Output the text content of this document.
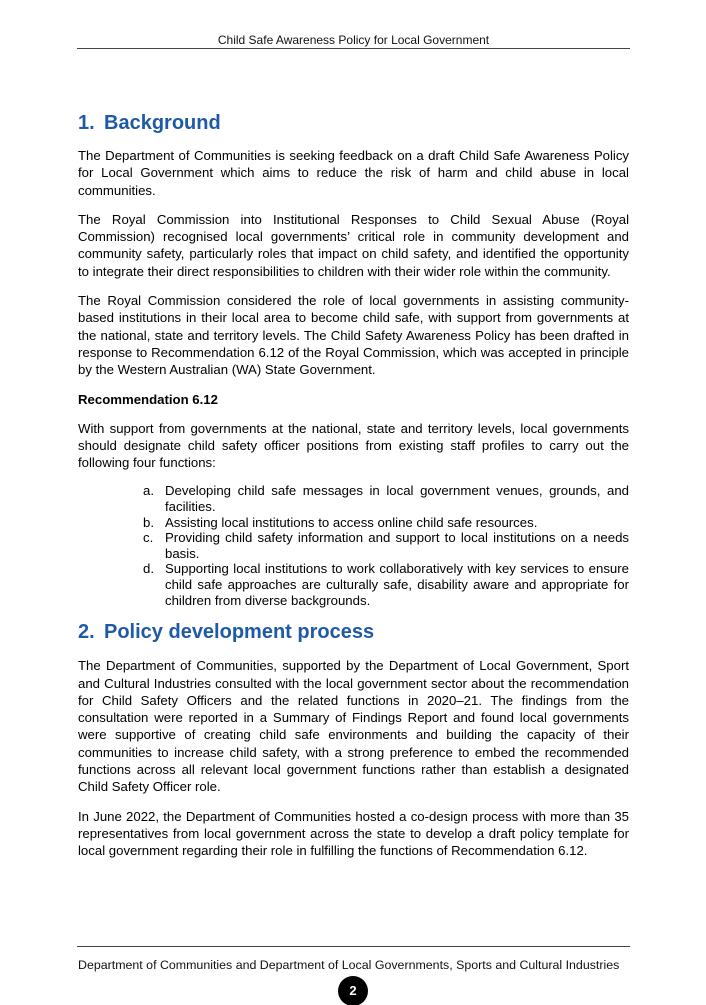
Child Safe Awareness Policy for Local Government
1. Background

The Department of Communities is seeking feedback on a draft Child Safe Awareness Policy for Local Government which aims to reduce the risk of harm and child abuse in local communities.

The Royal Commission into Institutional Responses to Child Sexual Abuse (Royal Commission) recognised local governments’ critical role in community development and community safety, particularly roles that impact on child safety, and identified the opportunity to integrate their direct responsibilities to children with their wider role within the community.

The Royal Commission considered the role of local governments in assisting community-based institutions in their local area to become child safe, with support from governments at the national, state and territory levels. The Child Safety Awareness Policy has been drafted in response to Recommendation 6.12 of the Royal Commission, which was accepted in principle by the Western Australian (WA) State Government.

Recommendation 6.12

With support from governments at the national, state and territory levels, local governments should designate child safety officer positions from existing staff profiles to carry out the following four functions:

a. Developing child safe messages in local government venues, grounds, and facilities.
b. Assisting local institutions to access online child safe resources.
c. Providing child safety information and support to local institutions on a needs basis.
d. Supporting local institutions to work collaboratively with key services to ensure child safe approaches are culturally safe, disability aware and appropriate for children from diverse backgrounds.
2. Policy development process

The Department of Communities, supported by the Department of Local Government, Sport and Cultural Industries consulted with the local government sector about the recommendation for Child Safety Officers and the related functions in 2020–21. The findings from the consultation were reported in a Summary of Findings Report and found local governments were supportive of creating child safe environments and building the capacity of their communities to increase child safety, with a strong preference to embed the recommended functions across all relevant local government functions rather than establish a designated Child Safety Officer role.

In June 2022, the Department of Communities hosted a co-design process with more than 35 representatives from local government across the state to develop a draft policy template for local government regarding their role in fulfilling the functions of Recommendation 6.12.

Department of Communities and Department of Local Governments, Sports and Cultural Industries
2
